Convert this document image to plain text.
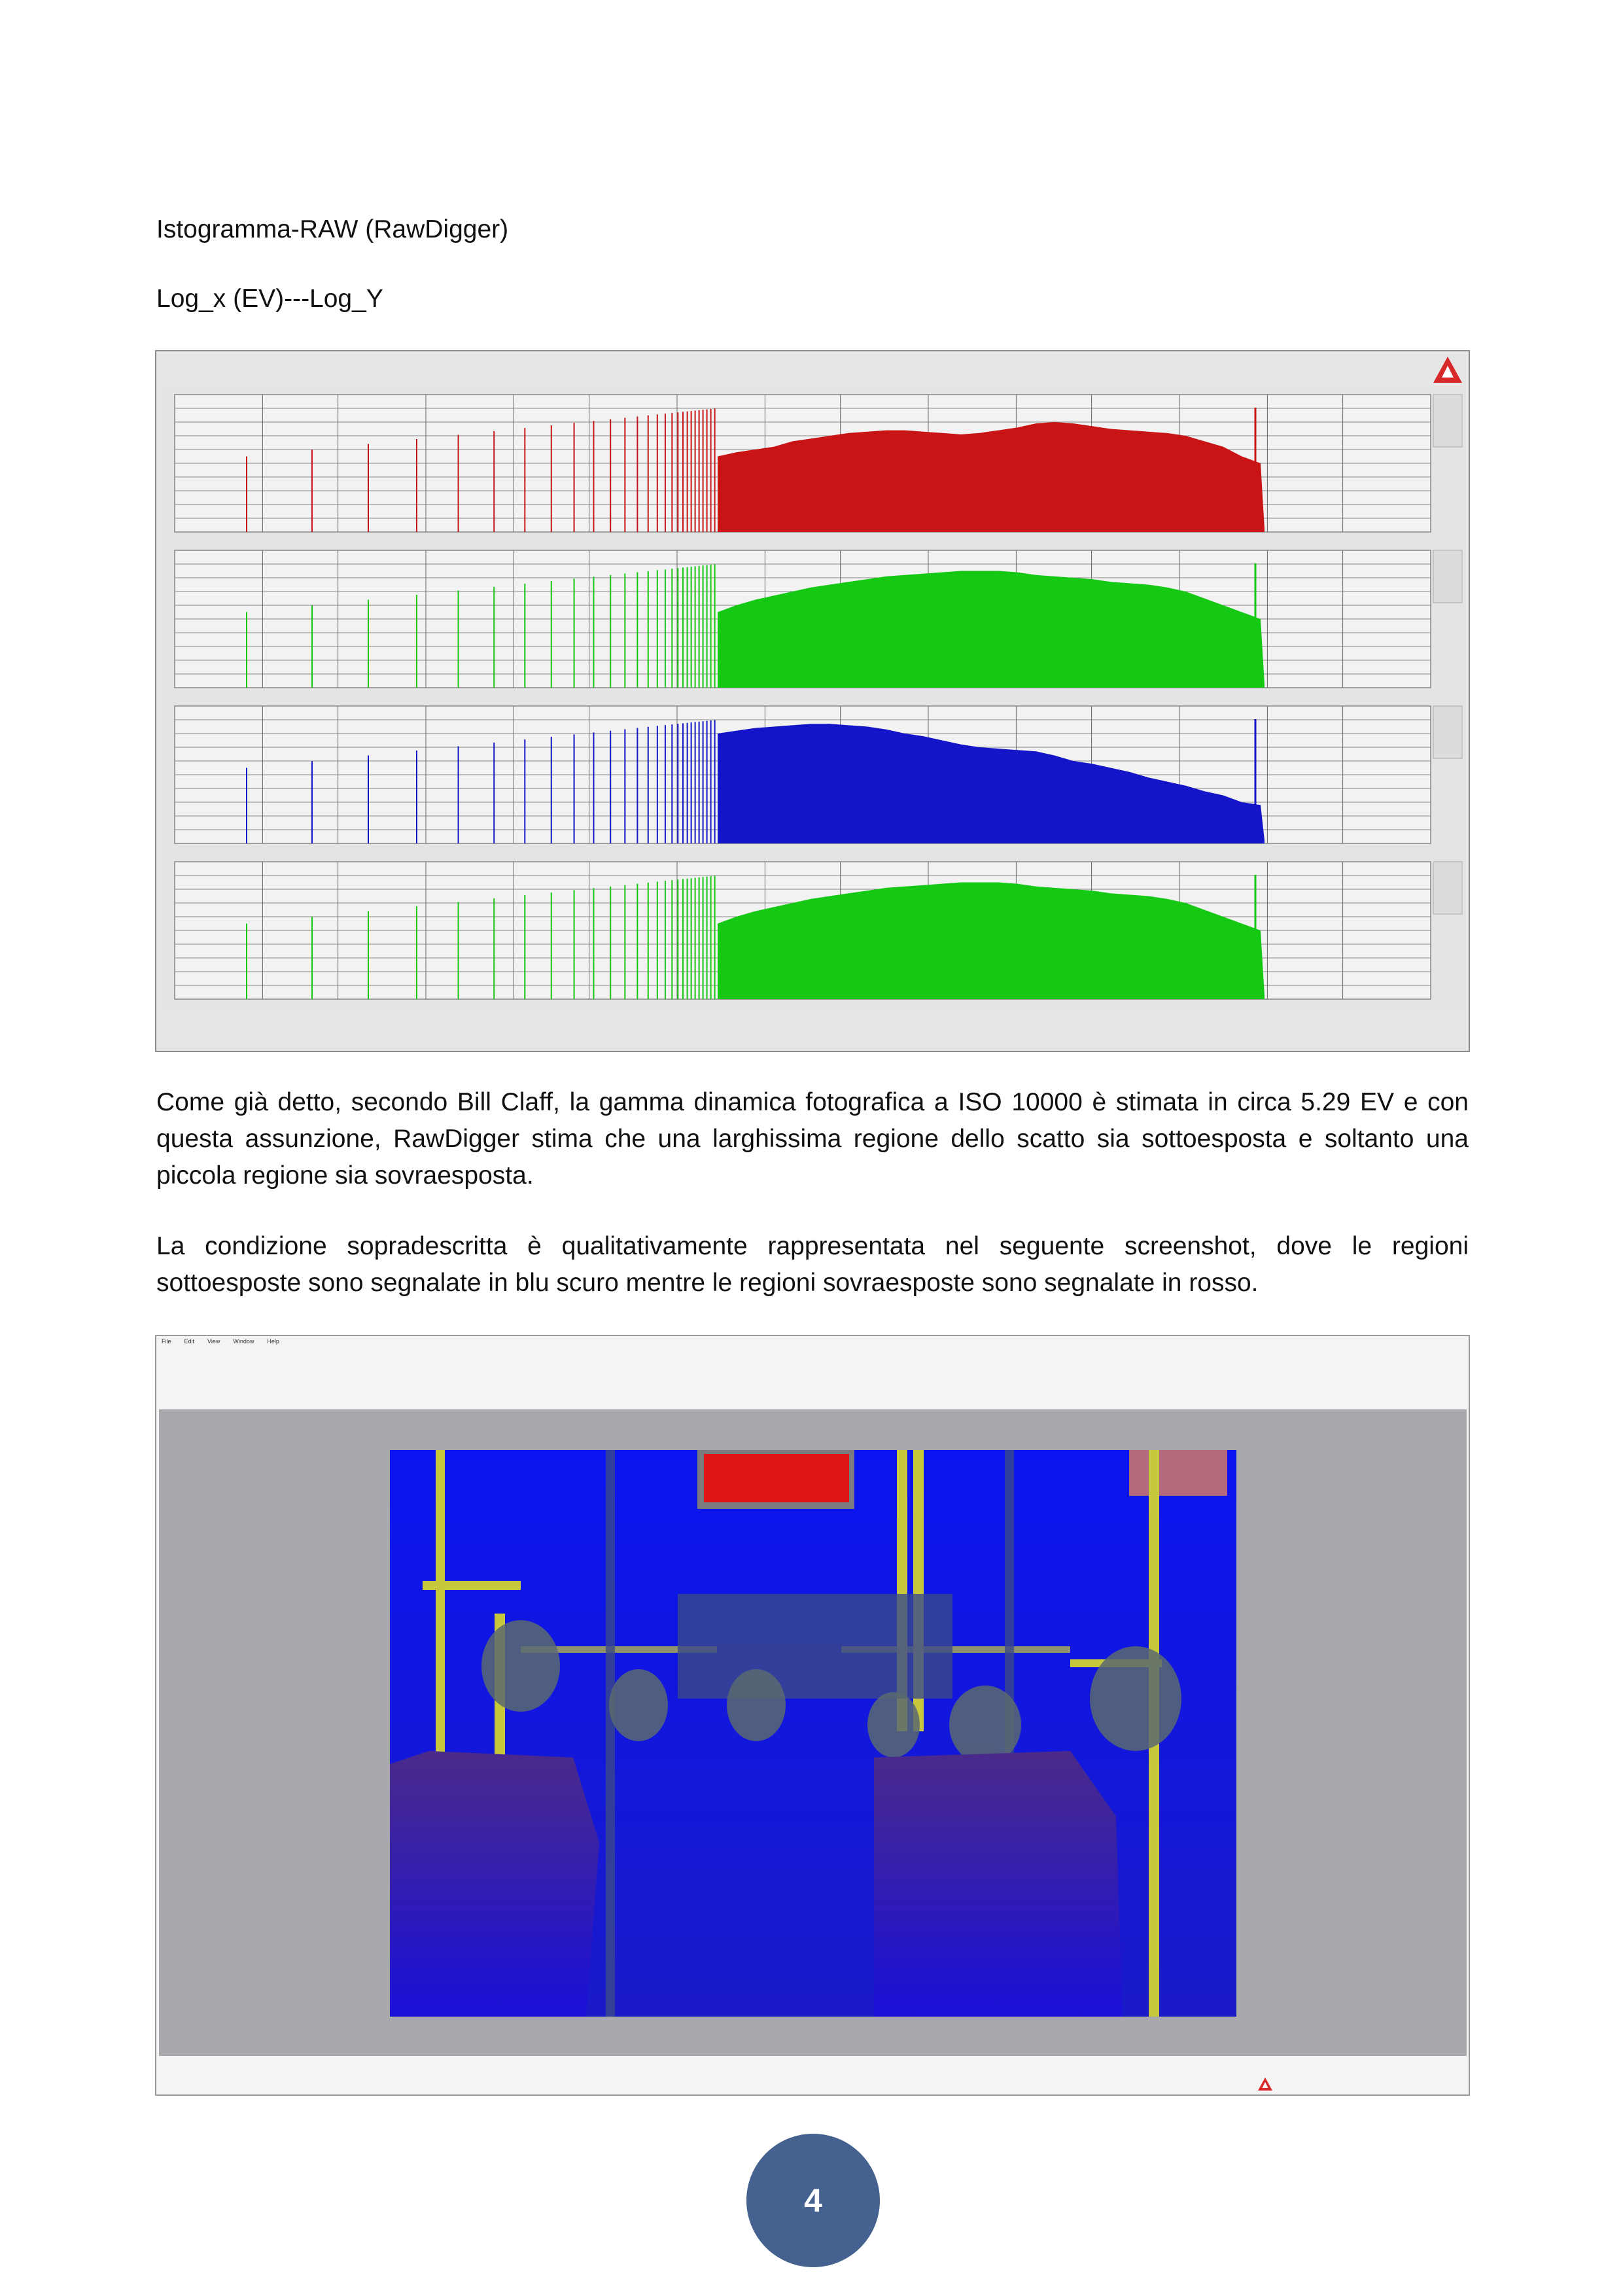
Istogramma-RAW (RawDigger)
Log_x (EV)---Log_Y

Come già detto, secondo Bill Claff, la gamma dinamica fotografica a ISO 10000 è stimata in circa 5.29 EV e con questa assunzione, RawDigger stima che una larghissima regione dello scatto sia sottoesposta e soltanto una piccola regione sia sovraesposta.

La condizione sopradescritta è qualitativamente rappresentata nel seguente screenshot, dove le regioni sottoesposte sono segnalate in blu scuro mentre le regioni sovraesposte sono segnalate in rosso.

File Edit View Window Help

4
